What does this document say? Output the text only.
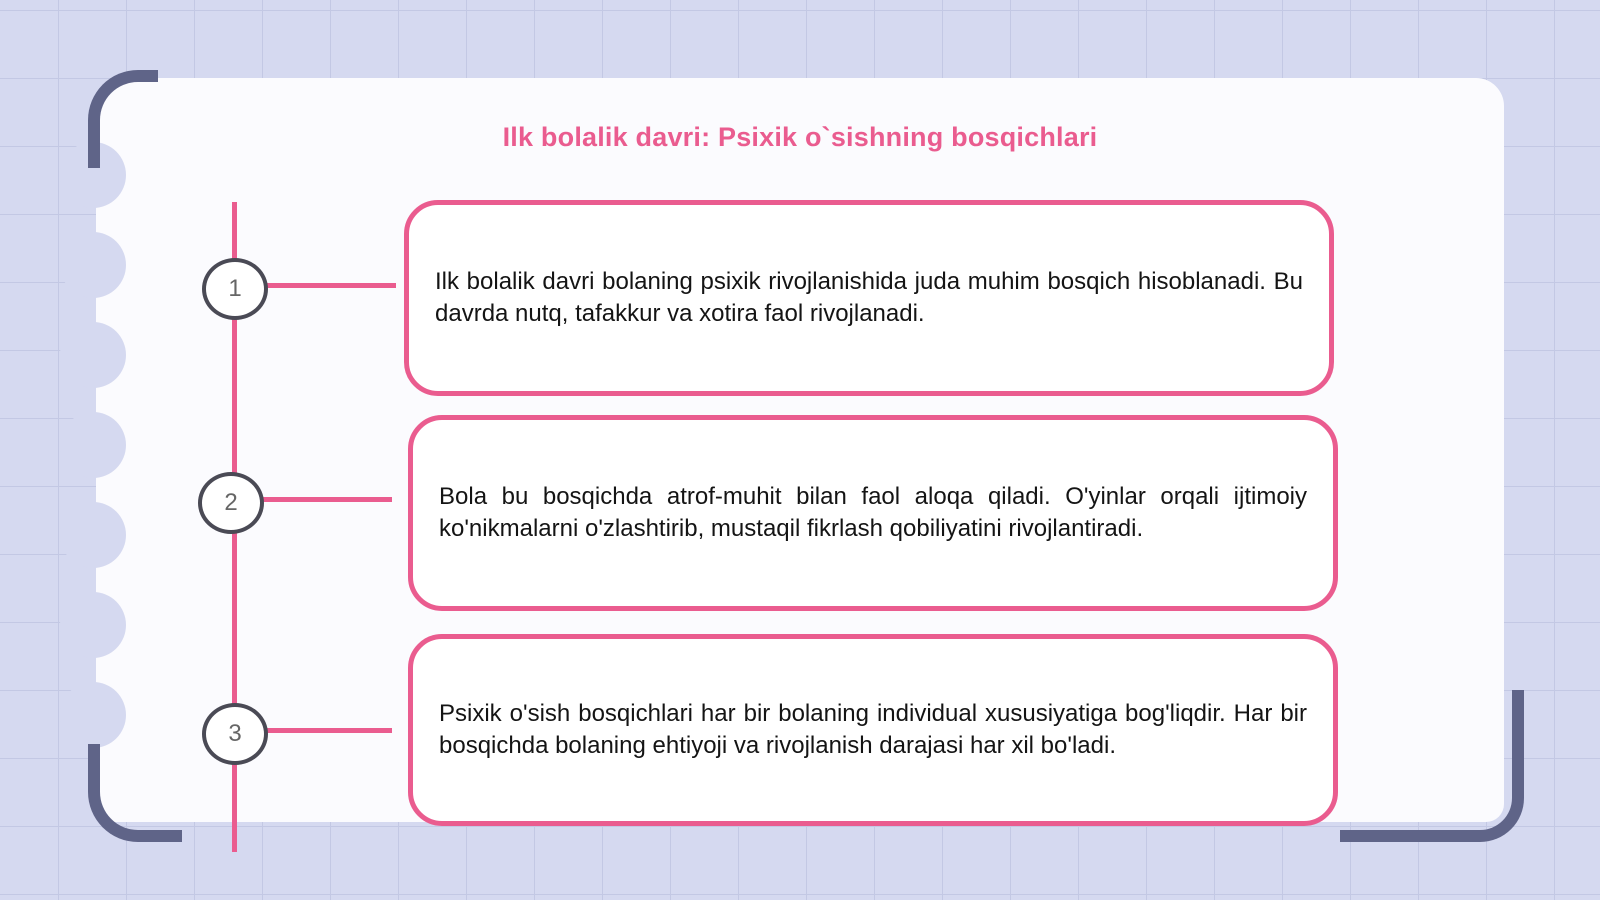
Ilk bolalik davri: Psixik o`sishning bosqichlari
1	Ilk bolalik davri bolaning psixik rivojlanishida juda muhim bosqich hisoblanadi. Bu davrda nutq, tafakkur va xotira faol rivojlanadi.
2	Bola bu bosqichda atrof-muhit bilan faol aloqa qiladi. O'yinlar orqali ijtimoiy ko'nikmalarni o'zlashtirib, mustaqil fikrlash qobiliyatini rivojlantiradi.
3
Psixik o'sish bosqichlari har bir bolaning individual xususiyatiga bog'liqdir. Har bir bosqichda bolaning ehtiyoji va rivojlanish darajasi har xil bo'ladi.
